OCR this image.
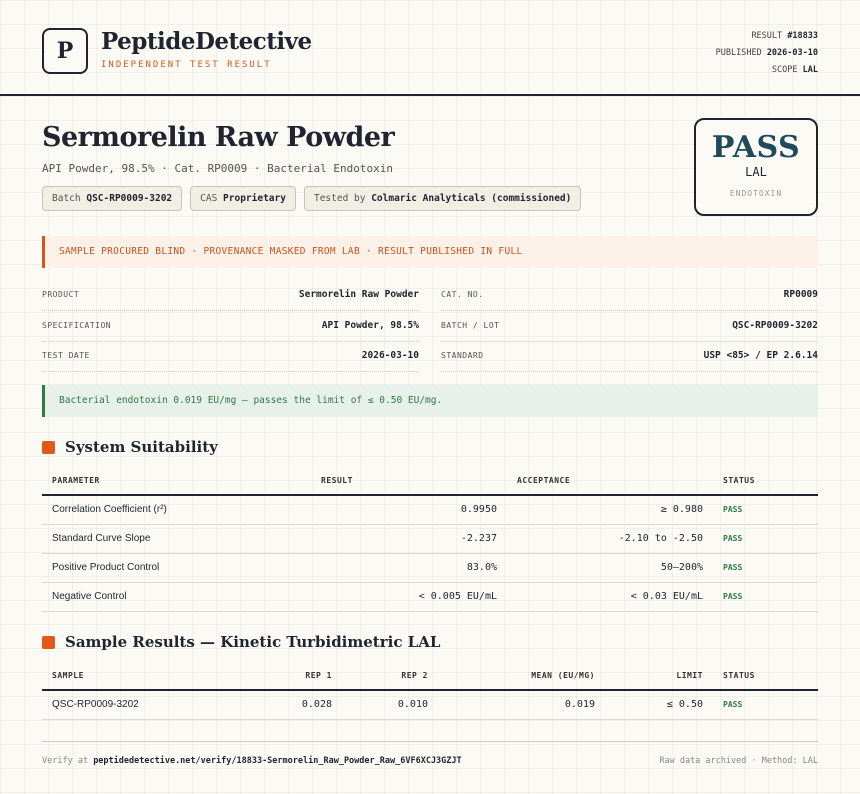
P	PeptideDetective
INDEPENDENT TEST RESULT
RESULT #18833
PUBLISHED 2026-03-10
SCOPE LAL
Sermorelin Raw Powder
API Powder, 98.5% · Cat. RP0009 · Bacterial Endotoxin
Batch QSC-RP0009-3202	CAS Proprietary	Tested by Colmaric Analyticals (commissioned)
PASS
LAL
ENDOTOXIN
SAMPLE PROCURED BLIND · PROVENANCE MASKED FROM LAB · RESULT PUBLISHED IN FULL
PRODUCT	Sermorelin Raw Powder
SPECIFICATION	API Powder, 98.5%
TEST DATE	2026-03-10
CAT. NO.	RP0009
BATCH / LOT	QSC-RP0009-3202
STANDARD	USP <85> / EP 2.6.14
Bacterial endotoxin 0.019 EU/mg — passes the limit of ≤ 0.50 EU/mg.
System Suitability
PARAMETER	RESULT	ACCEPTANCE	STATUS
Correlation Coefficient (r²)	0.9950	≥ 0.980	PASS
Standard Curve Slope	-2.237	-2.10 to -2.50	PASS
Positive Product Control	83.0%	50–200%	PASS
Negative Control	< 0.005 EU/mL	< 0.03 EU/mL	PASS
Sample Results — Kinetic Turbidimetric LAL
SAMPLE	REP 1	REP 2	MEAN (EU/MG)	LIMIT	STATUS
QSC-RP0009-3202	0.028	0.010	0.019	≤ 0.50	PASS
Verify at peptidedetective.net/verify/18833-Sermorelin_Raw_Powder_Raw_6VF6XCJ3GZJT	Raw data archived · Method: LAL
